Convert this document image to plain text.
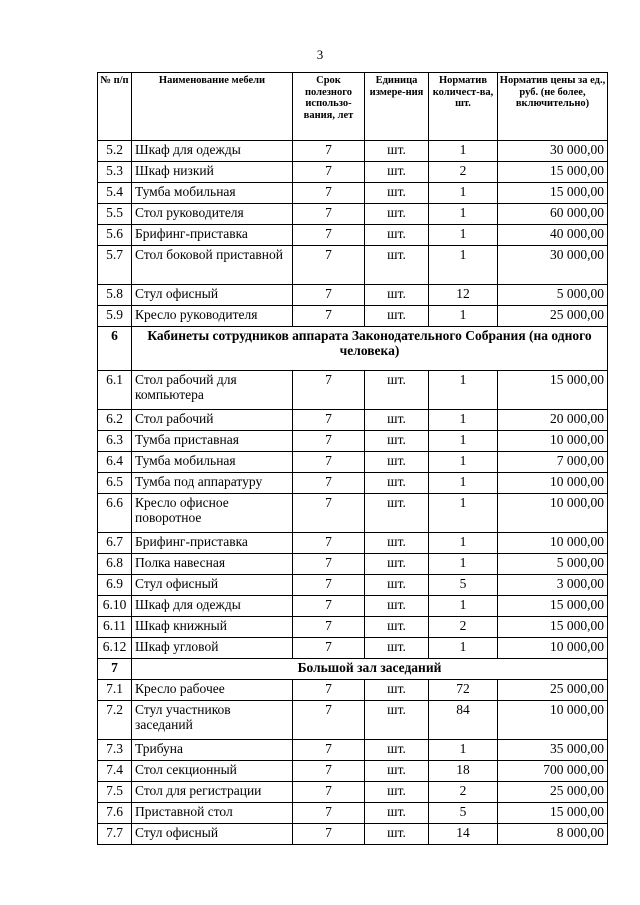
3
№ п/п	Наименование мебели	Срок полезного использо-вания, лет	Единица измере-ния	Норматив количест-ва, шт.	Норматив цены за ед., руб. (не более, включительно)
5.2	Шкаф для одежды	7	шт.	1	30 000,00
5.3	Шкаф низкий	7	шт.	2	15 000,00
5.4	Тумба мобильная	7	шт.	1	15 000,00
5.5	Стол руководителя	7	шт.	1	60 000,00
5.6	Брифинг-приставка	7	шт.	1	40 000,00
5.7	Стол боковой приставной	7	шт.	1	30 000,00
5.8	Стул офисный	7	шт.	12	5 000,00
5.9	Кресло руководителя	7	шт.	1	25 000,00
6	Кабинеты сотрудников аппарата Законодательного Собрания (на одного человека)				
6.1	Стол рабочий для компьютера	7	шт.	1	15 000,00
6.2	Стол рабочий	7	шт.	1	20 000,00
6.3	Тумба приставная	7	шт.	1	10 000,00
6.4	Тумба мобильная	7	шт.	1	7 000,00
6.5	Тумба под аппаратуру	7	шт.	1	10 000,00
6.6	Кресло офисное поворотное	7	шт.	1	10 000,00
6.7	Брифинг-приставка	7	шт.	1	10 000,00
6.8	Полка навесная	7	шт.	1	5 000,00
6.9	Стул офисный	7	шт.	5	3 000,00
6.10	Шкаф для одежды	7	шт.	1	15 000,00
6.11	Шкаф книжный	7	шт.	2	15 000,00
6.12	Шкаф угловой	7	шт.	1	10 000,00
7	Большой зал заседаний				
7.1	Кресло рабочее	7	шт.	72	25 000,00
7.2	Стул участников заседаний	7	шт.	84	10 000,00
7.3	Трибуна	7	шт.	1	35 000,00
7.4	Стол секционный	7	шт.	18	700 000,00
7.5	Стол для регистрации	7	шт.	2	25 000,00
7.6	Приставной стол	7	шт.	5	15 000,00
7.7	Стул офисный	7	шт.	14	8 000,00
